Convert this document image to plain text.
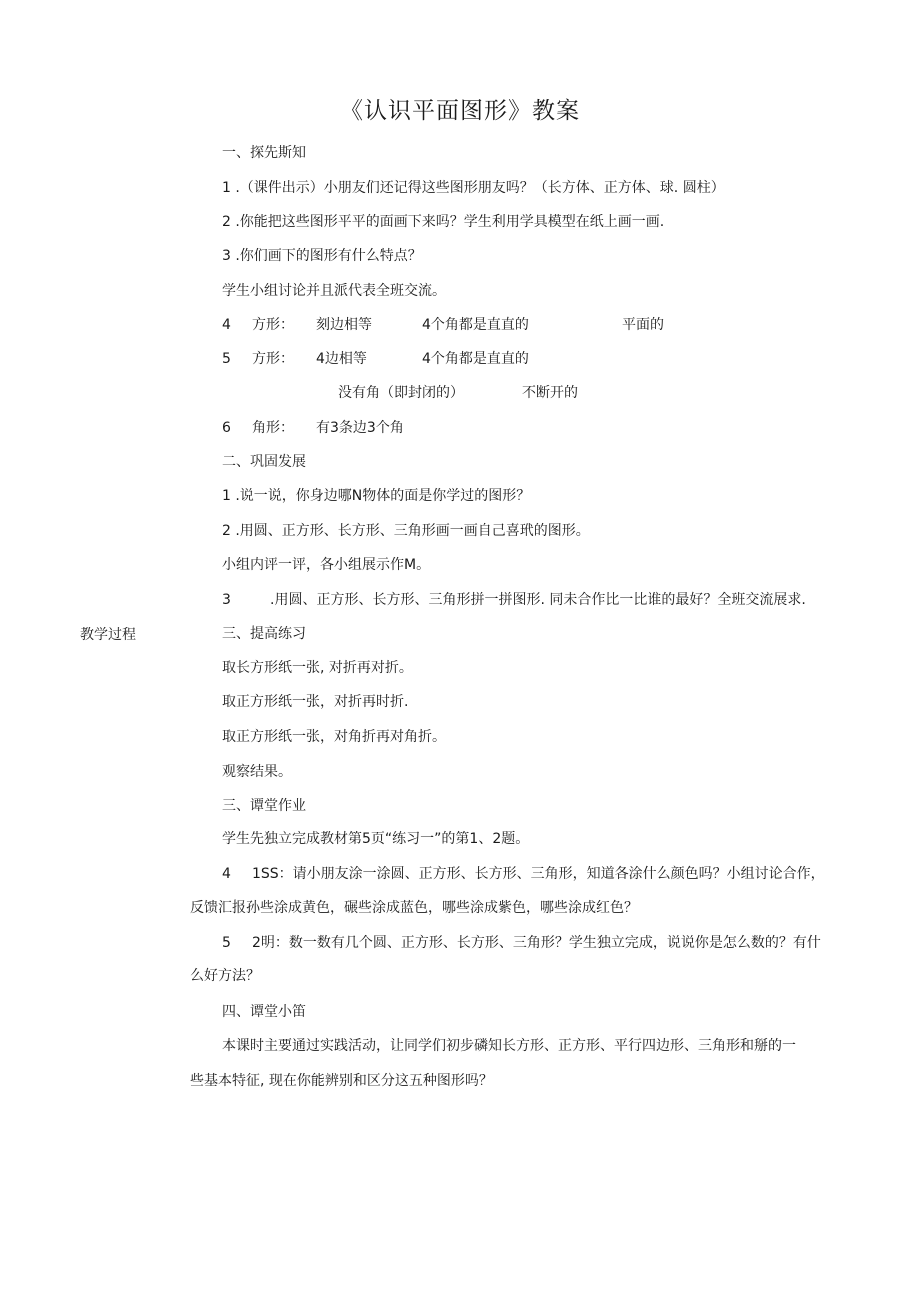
《认识平面图形》教案
教学过程
一、探先斯知
1 .（课件出示）小朋友们还记得这些图形朋友吗？（长方体、正方体、球. 圆柱）
2 .你能把这些图形平平的面画下来吗？学生利用学具模型在纸上画一画.
3 .你们画下的图形有什么特点？
学生小组讨论并且派代表全班交流。
4 方形： 刻边相等	4个角都是直直的	平面的
5 方形： 4边相等	4个角都是直直的
没有角（即封闭的）	不断开的
6 角形： 有3条边3个角
二、巩固发展
1 .说一说，你身边哪N物体的面是你学过的图形？
2 .用圆、正方形、长方形、三角形画一画自己喜玳的图形。
小组内评一评，各小组展示作M。
3	.用圆、正方形、长方形、三角形拼一拼图形. 同未合作比一比谁的最好？全班交流展求.
三、提高练习
取长方形纸一张, 对折再对折。
取正方形纸一张，对折再时折.
取正方形纸一张，对角折再对角折。
观察结果。
三、谭堂作业
学生先独立完成教材第5页“练习一”的第1、2题。
4 1SS：请小朋友涂一涂圆、正方形、长方形、三角形，知道各涂什么颜色吗？小组讨论合作，
反馈汇报孙些涂成黄色，碾些涂成蓝色，哪些涂成紫色，哪些涂成红色？
5 2明：数一数有几个圆、正方形、长方形、三角形？学生独立完成，说说你是怎么数的？有什
么好方法？
四、谭堂小笛
本课时主要通过实践活动，让同学们初步磷知长方形、正方形、平行四边形、三角形和掰的一
些基本特征, 现在你能辨别和区分这五种图形吗？
